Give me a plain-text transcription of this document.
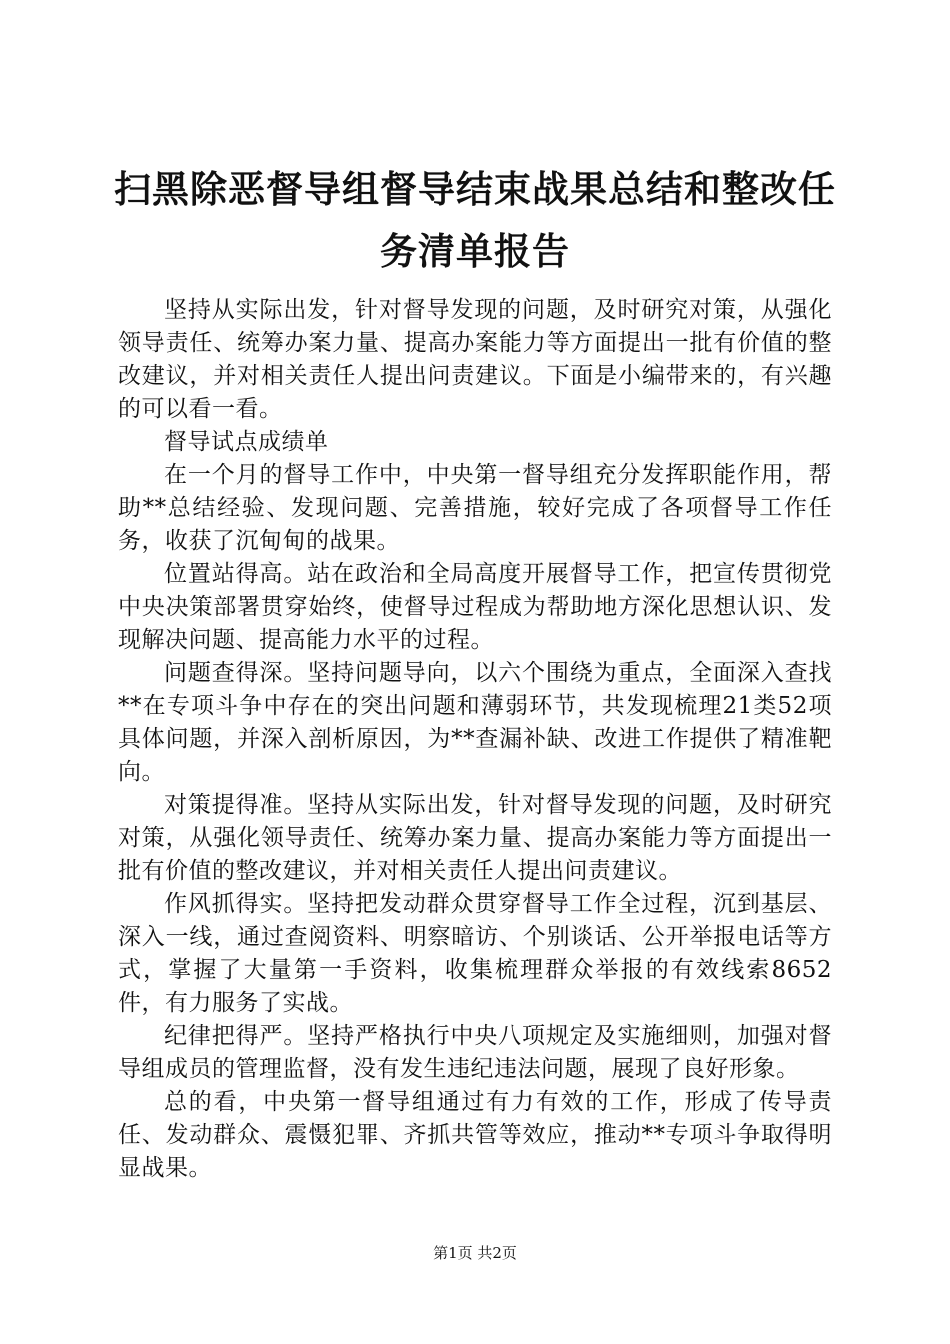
扫黑除恶督导组督导结束战果总结和整改任务清单报告

坚持从实际出发，针对督导发现的问题，及时研究对策，从强化领导责任、统筹办案力量、提高办案能力等方面提出一批有价值的整改建议，并对相关责任人提出问责建议。下面是小编带来的，有兴趣的可以看一看。

督导试点成绩单

在一个月的督导工作中，中央第一督导组充分发挥职能作用，帮助**总结经验、发现问题、完善措施，较好完成了各项督导工作任务，收获了沉甸甸的战果。

位置站得高。站在政治和全局高度开展督导工作，把宣传贯彻党中央决策部署贯穿始终，使督导过程成为帮助地方深化思想认识、发现解决问题、提高能力水平的过程。

问题查得深。坚持问题导向，以六个围绕为重点，全面深入查找**在专项斗争中存在的突出问题和薄弱环节，共发现梳理21类52项具体问题，并深入剖析原因，为**查漏补缺、改进工作提供了精准靶向。

对策提得准。坚持从实际出发，针对督导发现的问题，及时研究对策，从强化领导责任、统筹办案力量、提高办案能力等方面提出一批有价值的整改建议，并对相关责任人提出问责建议。

作风抓得实。坚持把发动群众贯穿督导工作全过程，沉到基层、深入一线，通过查阅资料、明察暗访、个别谈话、公开举报电话等方式，掌握了大量第一手资料，收集梳理群众举报的有效线索8652件，有力服务了实战。

纪律把得严。坚持严格执行中央八项规定及实施细则，加强对督导组成员的管理监督，没有发生违纪违法问题，展现了良好形象。

总的看，中央第一督导组通过有力有效的工作，形成了传导责任、发动群众、震慑犯罪、齐抓共管等效应，推动**专项斗争取得明显战果。

第1页 共2页
